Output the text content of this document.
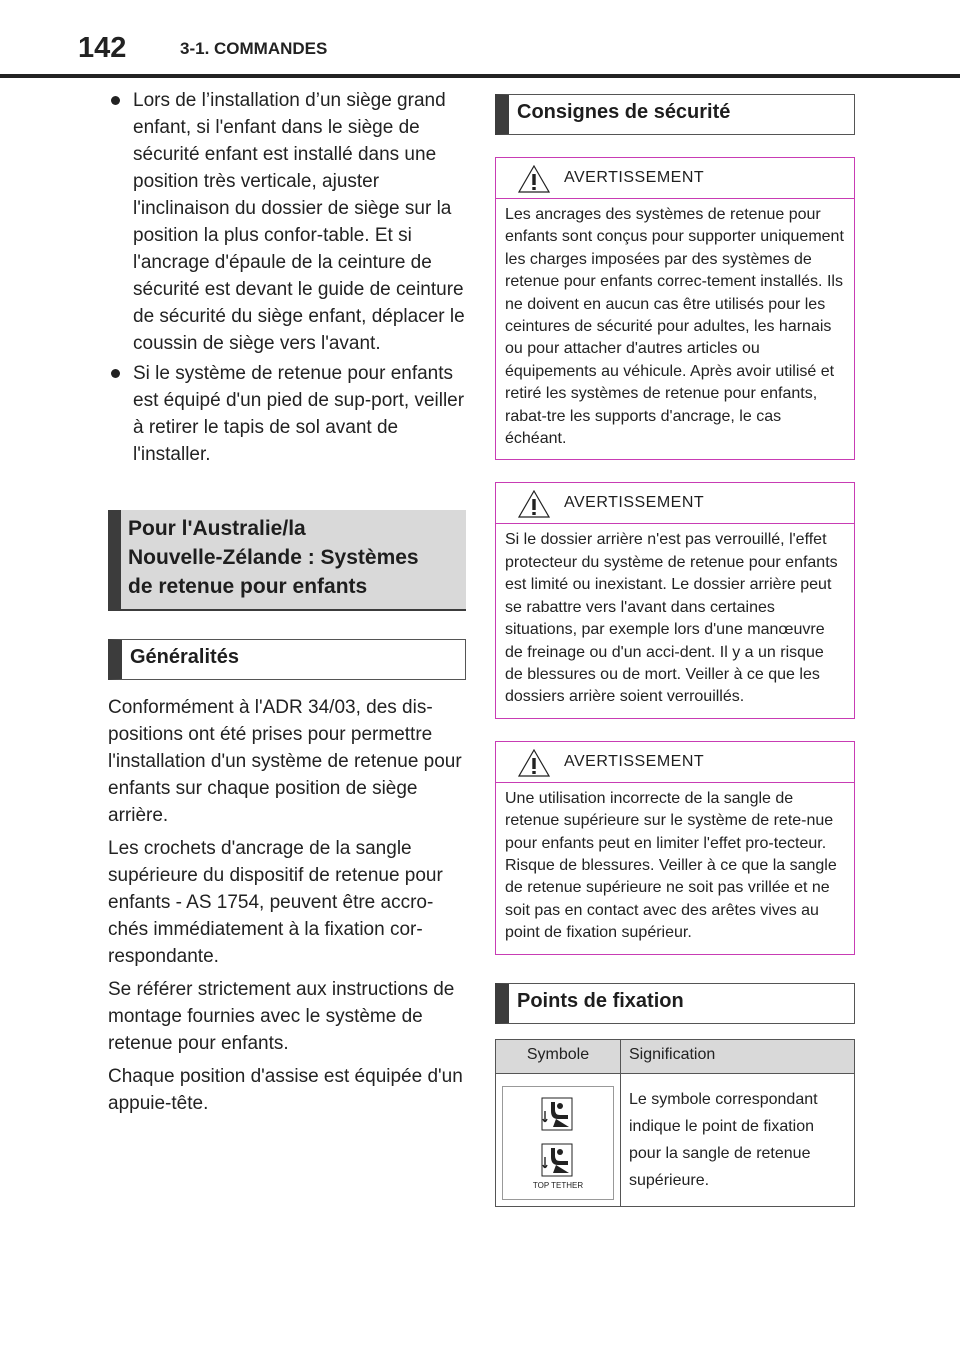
142	3-1. COMMANDES
Lors de l’installation d’un siège grand enfant, si l'enfant dans le siège de sécurité enfant est installé dans une position très verticale, ajuster l'inclinaison du dossier de siège sur la position la plus confor-table. Et si l'ancrage d'épaule de la ceinture de sécurité est devant le guide de ceinture de sécurité du siège enfant, déplacer le coussin de siège vers l'avant.
Si le système de retenue pour enfants est équipé d'un pied de sup-port, veiller à retirer le tapis de sol avant de l'installer.
Pour l'Australie/la
Nouvelle-Zélande : Systèmes
de retenue pour enfants
Généralités

Conformément à l'ADR 34/03, des dis-positions ont été prises pour permettre l'installation d'un système de retenue pour enfants sur chaque position de siège arrière.

Les crochets d'ancrage de la sangle supérieure du dispositif de retenue pour enfants - AS 1754, peuvent être accro-chés immédiatement à la fixation cor-respondante.

Se référer strictement aux instructions de montage fournies avec le système de retenue pour enfants.

Chaque position d'assise est équipée d'un appuie-tête.

Consignes de sécurité
AVERTISSEMENT
Les ancrages des systèmes de retenue pour enfants sont conçus pour supporter uniquement les charges imposées par des systèmes de retenue pour enfants correc-tement installés. Ils ne doivent en aucun cas être utilisés pour les ceintures de sécurité pour adultes, les harnais ou pour attacher d'autres articles ou équipements au véhicule. Après avoir utilisé et retiré les systèmes de retenue pour enfants, rabat-tre les supports d'ancrage, le cas échéant.
AVERTISSEMENT
Si le dossier arrière n'est pas verrouillé, l'effet protecteur du système de retenue pour enfants est limité ou inexistant. Le dossier arrière peut se rabattre vers l'avant dans certaines situations, par exemple lors d'une manœuvre de freinage ou d'un acci-dent. Il y a un risque de blessures ou de mort. Veiller à ce que les dossiers arrière soient verrouillés.
AVERTISSEMENT
Une utilisation incorrecte de la sangle de retenue supérieure sur le système de rete-nue pour enfants peut en limiter l'effet pro-tecteur. Risque de blessures. Veiller à ce que la sangle de retenue supérieure ne soit pas vrillée et ne soit pas en contact avec des arêtes vives au point de fixation supérieur.
Points de fixation
Symbole	Signification

TOP TETHER	Le symbole correspondant indique le point de fixation pour la sangle de retenue supérieure.
